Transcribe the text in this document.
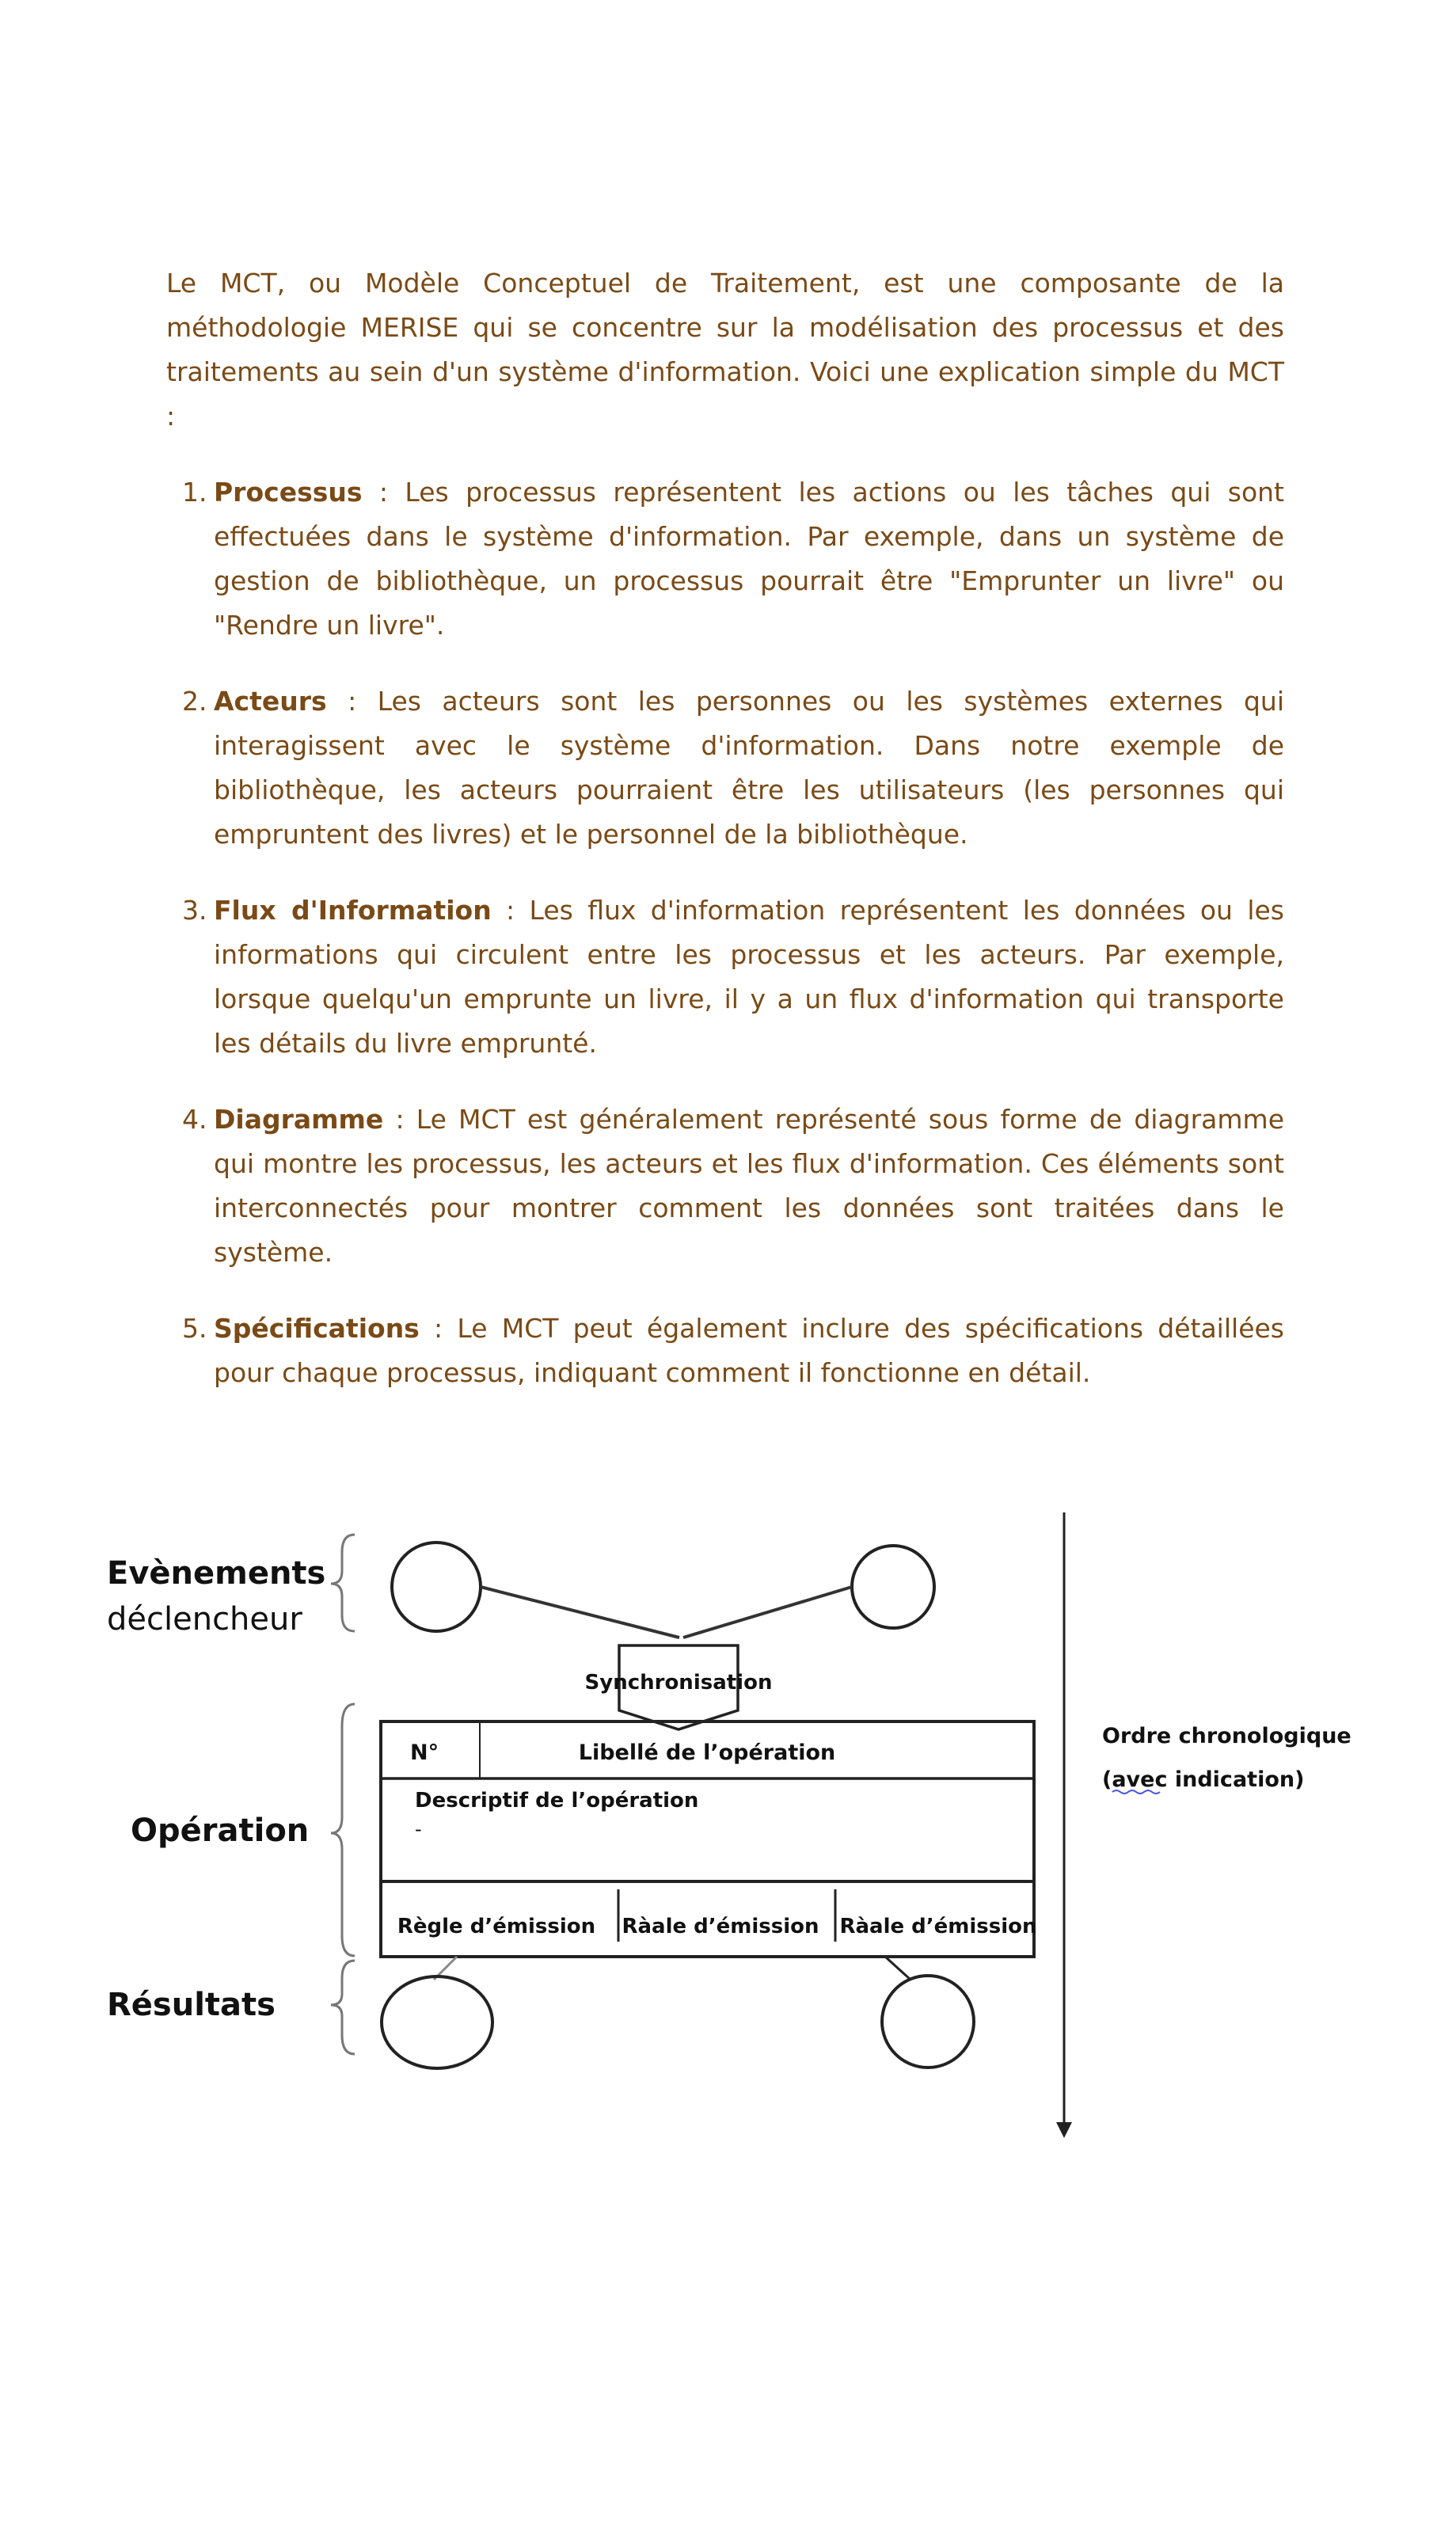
Le MCT, ou Modèle Conceptuel de Traitement, est une composante de la méthodologie MERISE qui se concentre sur la modélisation des processus et des traitements au sein d'un système d'information. Voici une explication simple du MCT :

1. Processus : Les processus représentent les actions ou les tâches qui sont effectuées dans le système d'information. Par exemple, dans un système de gestion de bibliothèque, un processus pourrait être "Emprunter un livre" ou "Rendre un livre".
2. Acteurs : Les acteurs sont les personnes ou les systèmes externes qui interagissent avec le système d'information. Dans notre exemple de bibliothèque, les acteurs pourraient être les utilisateurs (les personnes qui empruntent des livres) et le personnel de la bibliothèque.
3. Flux d'Information : Les flux d'information représentent les données ou les informations qui circulent entre les processus et les acteurs. Par exemple, lorsque quelqu'un emprunte un livre, il y a un flux d'information qui transporte les détails du livre emprunté.
4. Diagramme : Le MCT est généralement représenté sous forme de diagramme qui montre les processus, les acteurs et les flux d'information. Ces éléments sont interconnectés pour montrer comment les données sont traitées dans le système.
5. Spécifications : Le MCT peut également inclure des spécifications détaillées pour chaque processus, indiquant comment il fonctionne en détail.
Evènements
déclencheur
Opération
Résultats
Synchronisation
N°	Libellé de l’opération
Descriptif de l’opération
-
Règle d’émission Ràale d’émission Ràale d’émission
Ordre chronologique
(avec indication)
